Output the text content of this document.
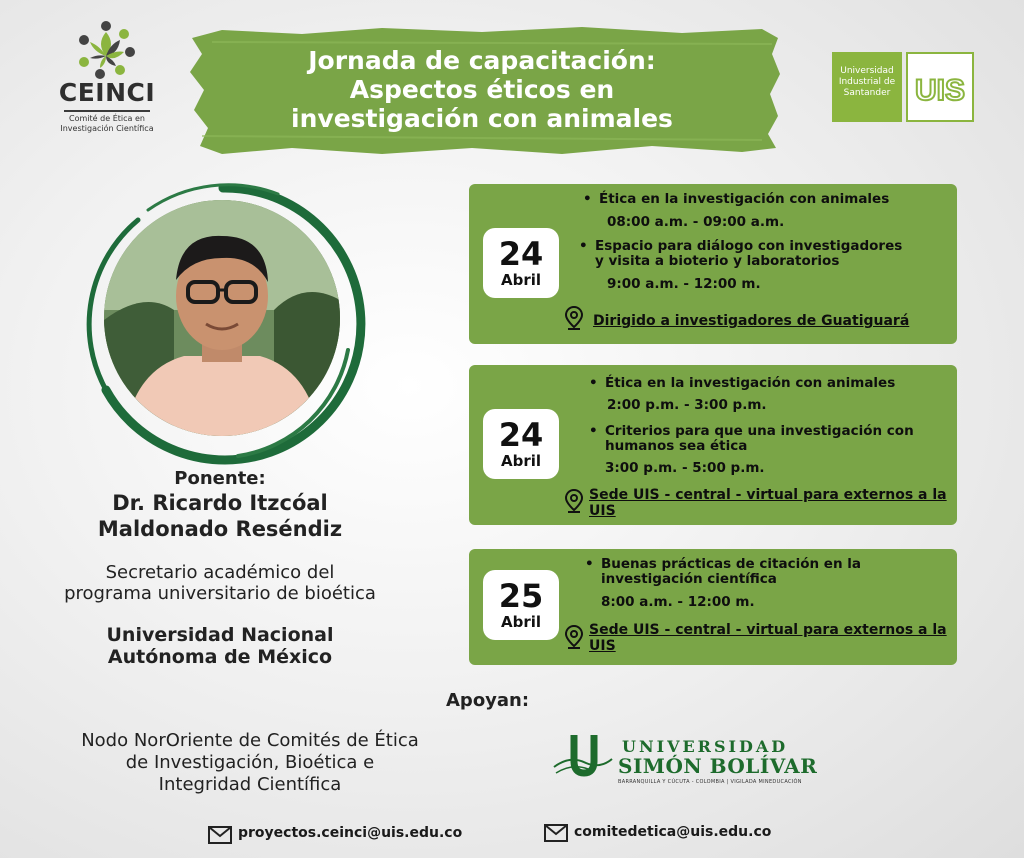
CEINCI
Comité de Ética en Investigación Científica
Jornada de capacitación:
Aspectos éticos en
investigación con animales
Universidad Industrial de Santander UIS
Ponente:
Dr. Ricardo Itzcóal
Maldonado Reséndiz
Secretario académico del
programa universitario de bioética
Universidad Nacional
Autónoma de México
24
Abril
• Ética en la investigación con animales
08:00 a.m. - 09:00 a.m.
• Espacio para diálogo con investigadores y visita a bioterio y laboratorios
9:00 a.m. - 12:00 m.
Dirigido a investigadores de Guatiguará
24
Abril
• Ética en la investigación con animales
2:00 p.m. - 3:00 p.m.
• Criterios para que una investigación con humanos sea ética
3:00 p.m. - 5:00 p.m.
Sede UIS - central - virtual para externos a la UIS
25
Abril
• Buenas prácticas de citación en la investigación científica
8:00 a.m. - 12:00 m.
Sede UIS - central - virtual para externos a la UIS
Apoyan:
Nodo NorOriente de Comités de Ética de Investigación, Bioética e Integridad Científica
UNIVERSIDAD
SIMÓN BOLÍVAR
BARRANQUILLA Y CÚCUTA - COLOMBIA | VIGILADA MINEDUCACIÓN
proyectos.ceinci@uis.edu.co	comitedetica@uis.edu.co
